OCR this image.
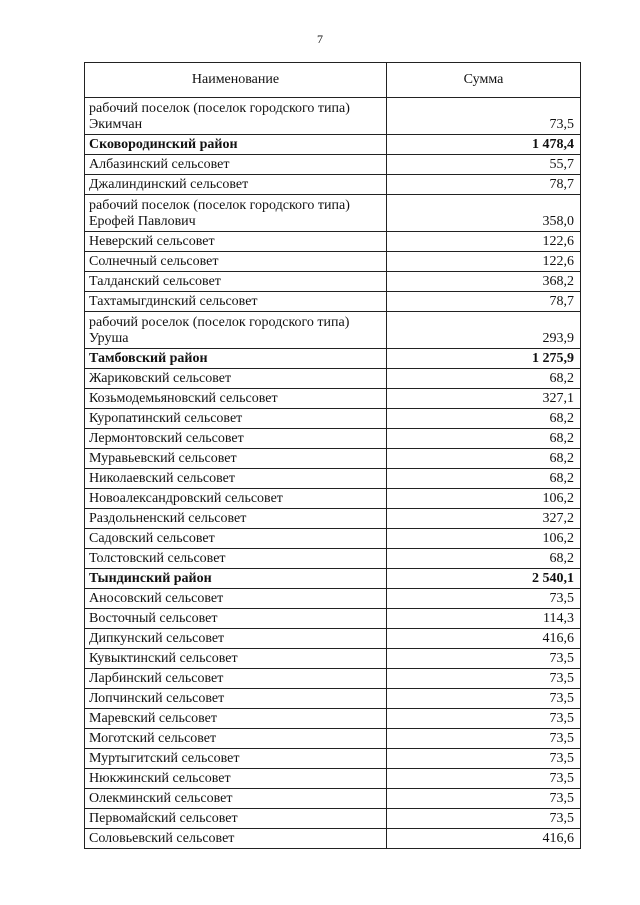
7
Наименование	Сумма
рабочий поселок (поселок городского типа) Экимчан	73,5
Сковородинский район	1 478,4
Албазинский сельсовет	55,7
Джалиндинский сельсовет	78,7
рабочий поселок (поселок городского типа) Ерофей Павлович	358,0
Неверский сельсовет	122,6
Солнечный сельсовет	122,6
Талданский сельсовет	368,2
Тахтамыгдинский сельсовет	78,7
рабочий роселок (поселок городского типа) Уруша	293,9
Тамбовский район	1 275,9
Жариковский сельсовет	68,2
Козьмодемьяновский сельсовет	327,1
Куропатинский сельсовет	68,2
Лермонтовский сельсовет	68,2
Муравьевский сельсовет	68,2
Николаевский сельсовет	68,2
Новоалександровский сельсовет	106,2
Раздольненский сельсовет	327,2
Садовский сельсовет	106,2
Толстовский сельсовет	68,2
Тындинский район	2 540,1
Аносовский сельсовет	73,5
Восточный сельсовет	114,3
Дипкунский сельсовет	416,6
Кувыктинский сельсовет	73,5
Ларбинский сельсовет	73,5
Лопчинский сельсовет	73,5
Маревский сельсовет	73,5
Моготский сельсовет	73,5
Муртыгитский сельсовет	73,5
Нюкжинский сельсовет	73,5
Олекминский сельсовет	73,5
Первомайский сельсовет	73,5
Соловьевский сельсовет	416,6
